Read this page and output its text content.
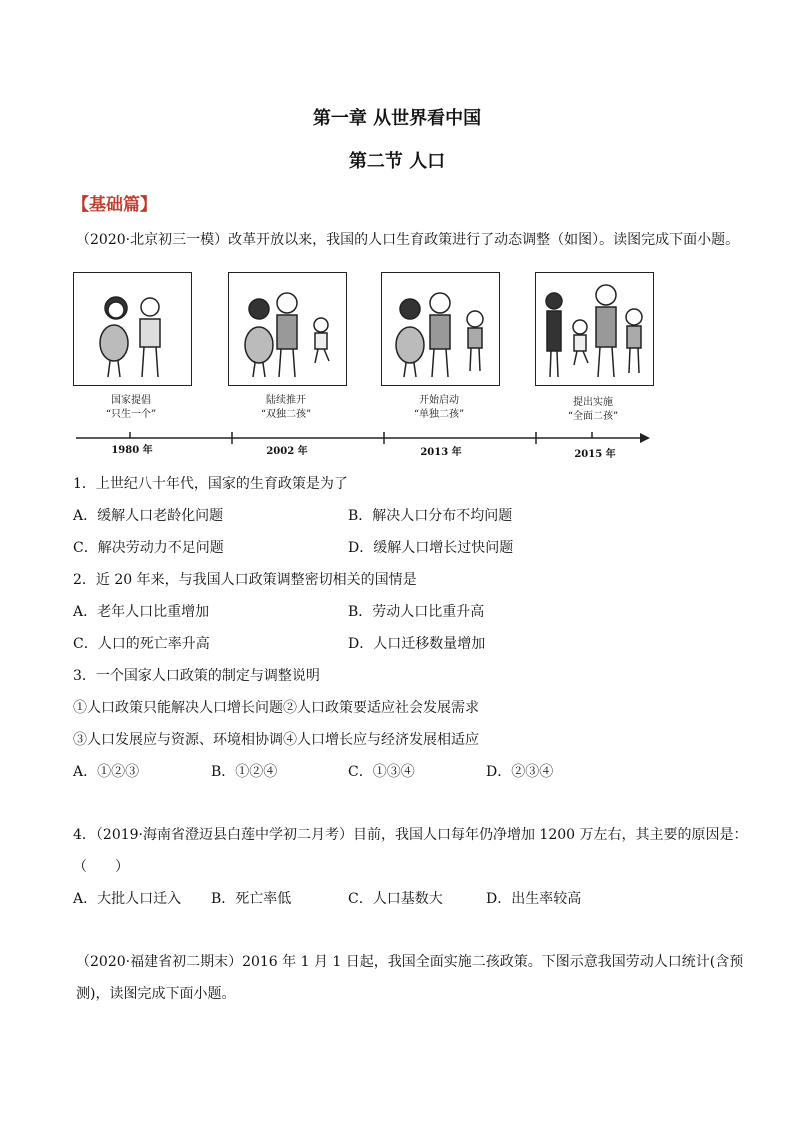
第一章 从世界看中国
第二节 人口
【基础篇】
（2020·北京初三一模）改革开放以来，我国的人口生育政策进行了动态调整（如图）。读图完成下面小题。
国家提倡
“只生一个”
陆续推开
“双独二孩”
开始启动
“单独二孩”
提出实施
“全面二孩”
1980 年	2002 年	2013 年	2015 年
1．上世纪八十年代，国家的生育政策是为了
A．缓解人口老龄化问题	B．解决人口分布不均问题
C．解决劳动力不足问题	D．缓解人口增长过快问题
2．近 20 年来，与我国人口政策调整密切相关的国情是
A．老年人口比重增加	B．劳动人口比重升高
C．人口的死亡率升高	D．人口迁移数量增加
3．一个国家人口政策的制定与调整说明
①人口政策只能解决人口增长问题②人口政策要适应社会发展需求
③人口发展应与资源、环境相协调④人口增长应与经济发展相适应
A．①②③	B．①②④	C．①③④	D．②③④
4．（2019·海南省澄迈县白莲中学初二月考）目前，我国人口每年仍净增加 1200 万左右，其主要的原因是：
（　　）
A．大批人口迁入 B．死亡率低	C．人口基数大	D．出生率较高
（2020·福建省初二期末）2016 年 1 月 1 日起，我国全面实施二孩政策。下图示意我国劳动人口统计(含预
测)，读图完成下面小题。
